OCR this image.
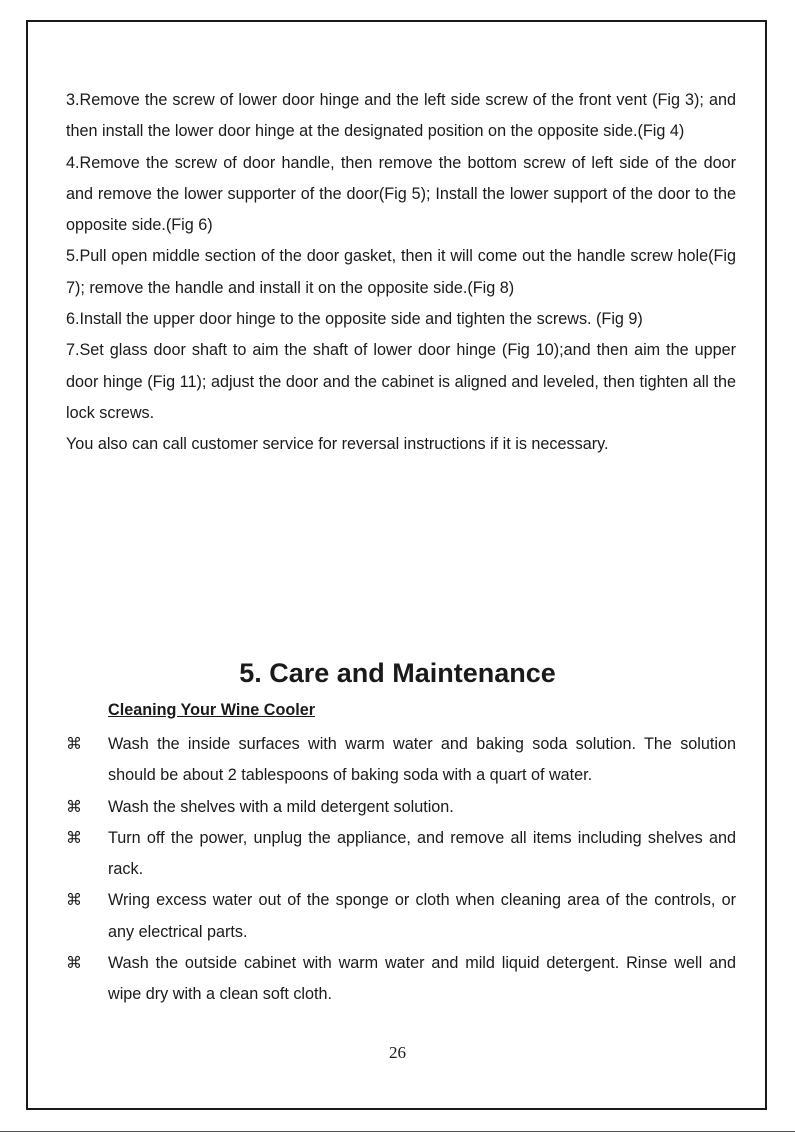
3.Remove the screw of lower door hinge and the left side screw of the front vent (Fig 3); and then install the lower door hinge at the designated position on the opposite side.(Fig 4)

4.Remove the screw of door handle, then remove the bottom screw of left side of the door and remove the lower supporter of the door(Fig 5); Install the lower support of the door to the opposite side.(Fig 6)

5.Pull open middle section of the door gasket, then it will come out the handle screw hole(Fig 7); remove the handle and install it on the opposite side.(Fig 8)

6.Install the upper door hinge to the opposite side and tighten the screws. (Fig 9)

7.Set glass door shaft to aim the shaft of lower door hinge (Fig 10);and then aim the upper door hinge (Fig 11); adjust the door and the cabinet is aligned and leveled, then tighten all the lock screws.

You also can call customer service for reversal instructions if it is necessary.

5. Care and Maintenance
Cleaning Your Wine Cooler
⌘ Wash the inside surfaces with warm water and baking soda solution. The solution should be about 2 tablespoons of baking soda with a quart of water.
⌘ Wash the shelves with a mild detergent solution.
⌘ Turn off the power, unplug the appliance, and remove all items including shelves and rack.
⌘ Wring excess water out of the sponge or cloth when cleaning area of the controls, or any electrical parts.
⌘ Wash the outside cabinet with warm water and mild liquid detergent. Rinse well and wipe dry with a clean soft cloth.

26
